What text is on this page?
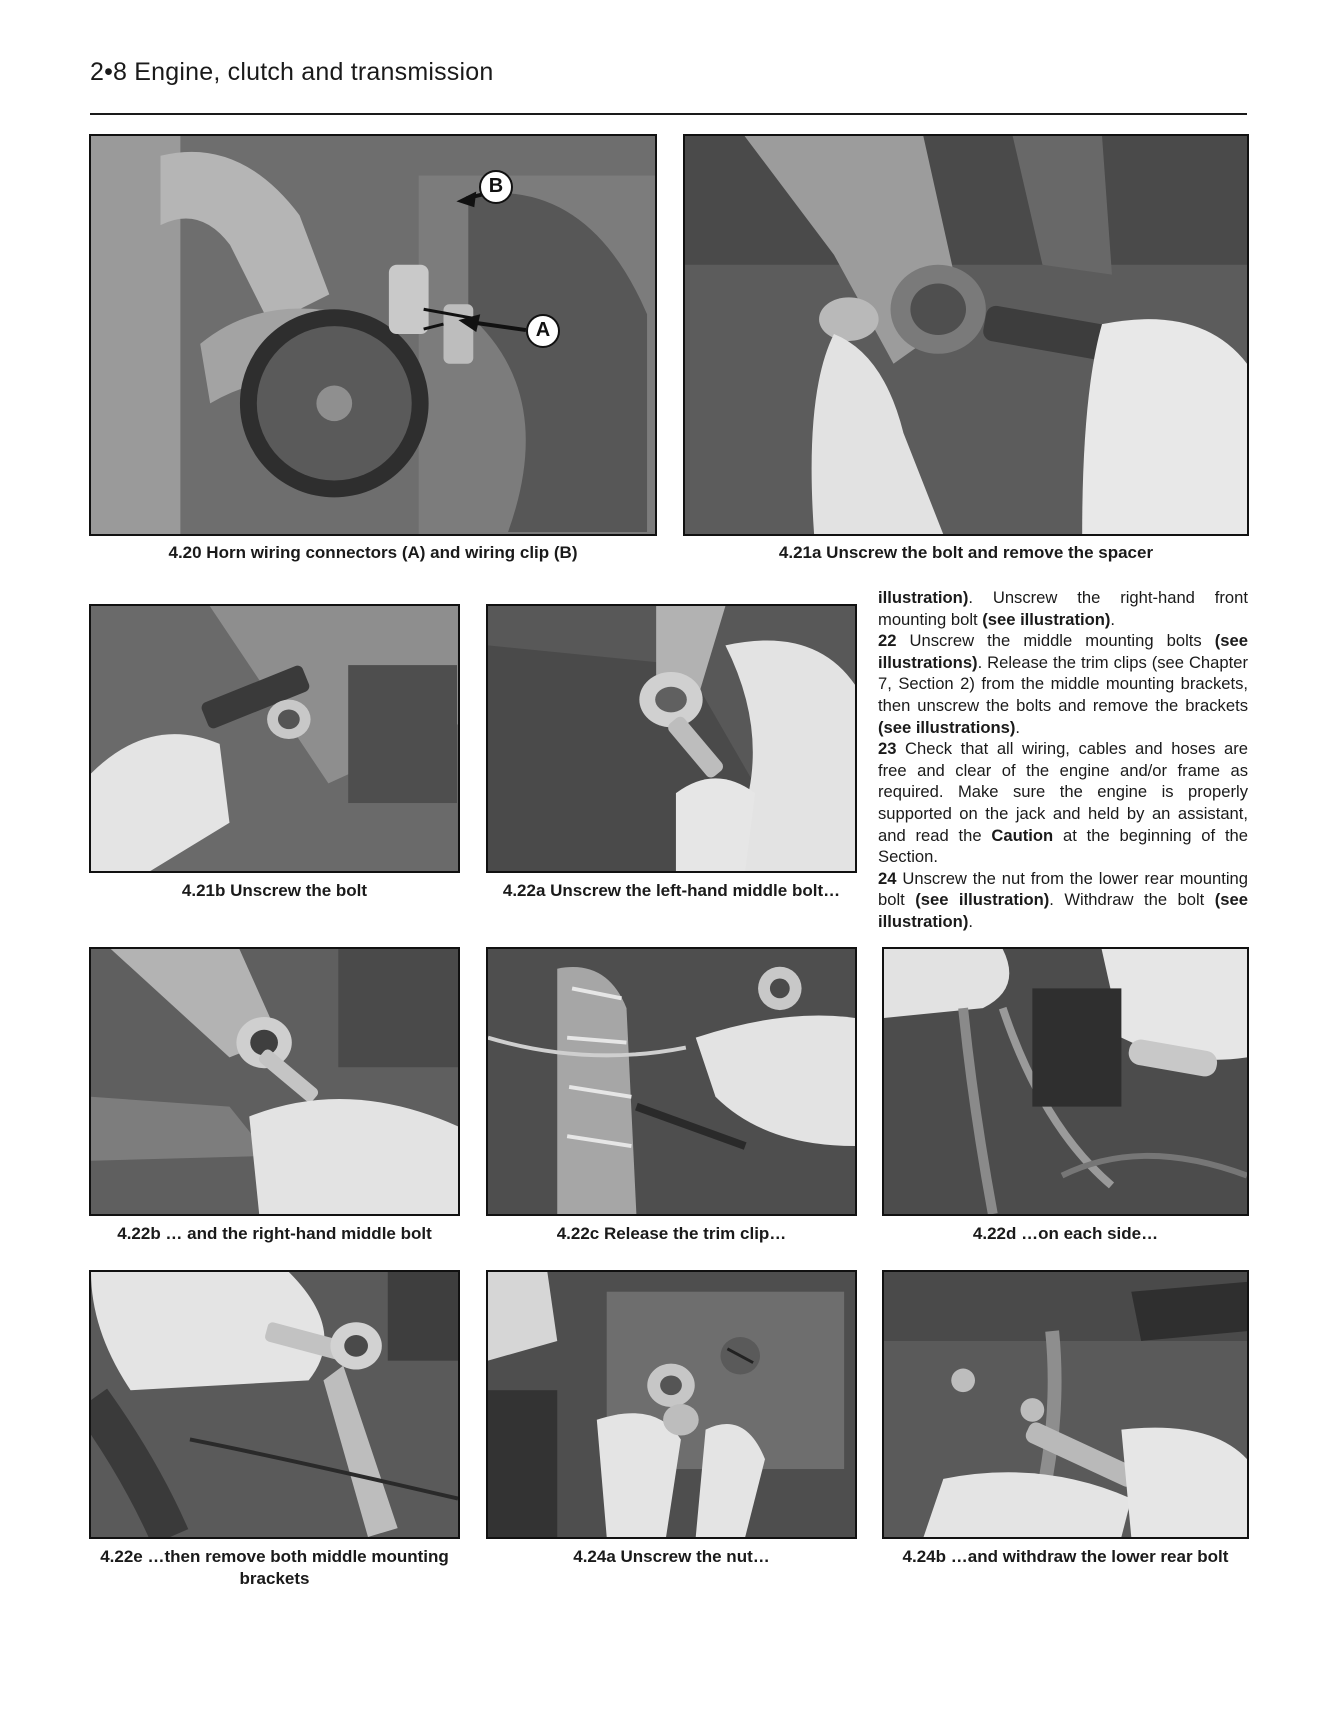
2•8 Engine, clutch and transmission
B
A
4.20 Horn wiring connectors (A) and wiring clip (B)	4.21a Unscrew the bolt and remove the spacer
4.21b Unscrew the bolt	4.22a Unscrew the left-hand middle bolt…

illustration). Unscrew the right-hand front mounting bolt (see illustration).

22 Unscrew the middle mounting bolts (see illustrations). Release the trim clips (see Chapter 7, Section 2) from the middle mounting brackets, then unscrew the bolts and remove the brackets (see illustrations).

23 Check that all wiring, cables and hoses are free and clear of the engine and/or frame as required. Make sure the engine is properly supported on the jack and held by an assistant, and read the Caution at the beginning of the Section.

24 Unscrew the nut from the lower rear mounting bolt (see illustration). Withdraw the bolt (see illustration).

4.22b … and the right-hand middle bolt	4.22c Release the trim clip…	4.22d …on each side…
4.22e …then remove both middle mounting brackets
4.24a Unscrew the nut…	4.24b …and withdraw the lower rear bolt
